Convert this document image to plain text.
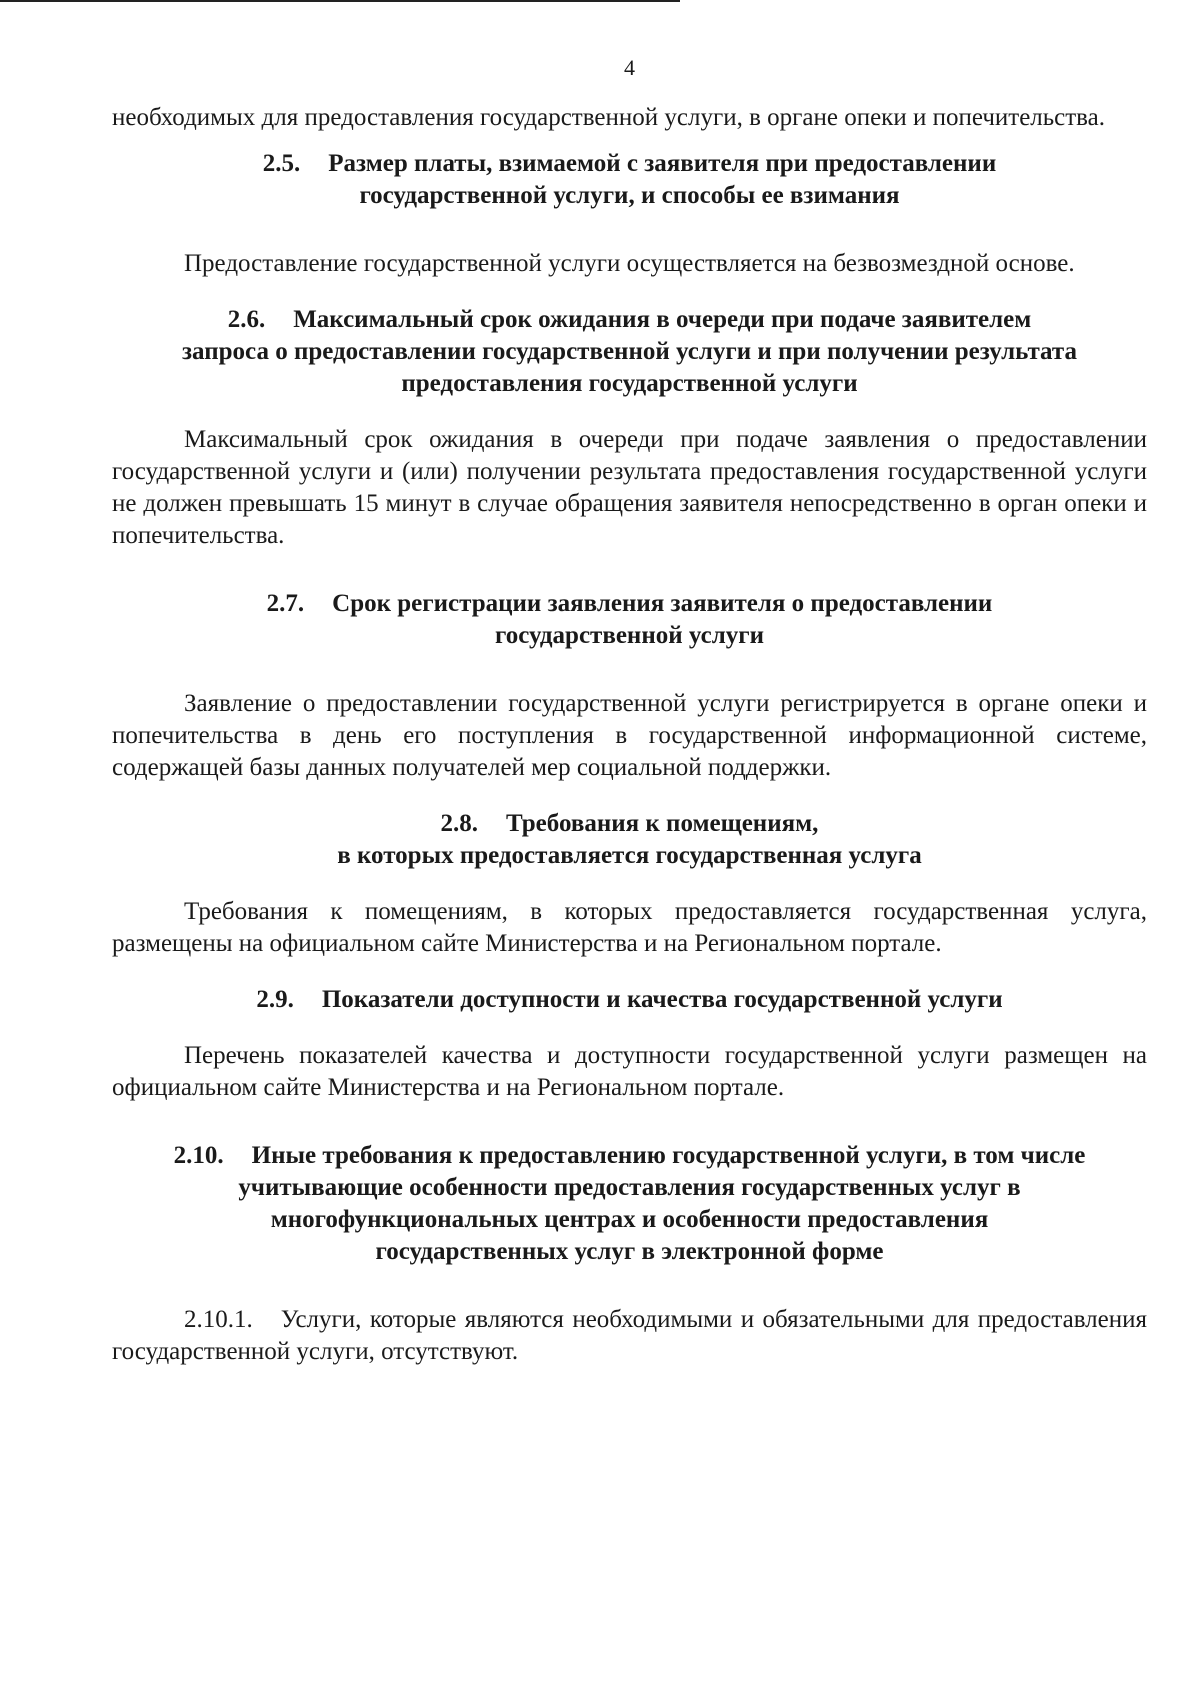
4

необходимых для предоставления государственной услуги, в органе опеки и попечительства.

2.5. Размер платы, взимаемой с заявителя при предоставлении
государственной услуги, и способы ее взимания

Предоставление государственной услуги осуществляется на безвозмездной основе.

2.6. Максимальный срок ожидания в очереди при подаче заявителем
запроса о предоставлении государственной услуги и при получении результата
предоставления государственной услуги

Максимальный срок ожидания в очереди при подаче заявления о предоставлении государственной услуги и (или) получении результата предоставления государственной услуги не должен превышать 15 минут в случае обращения заявителя непосредственно в орган опеки и попечительства.

2.7. Срок регистрации заявления заявителя о предоставлении
государственной услуги

Заявление о предоставлении государственной услуги регистрируется в органе опеки и попечительства в день его поступления в государственной информационной системе, содержащей базы данных получателей мер социальной поддержки.

2.8. Требования к помещениям,
в которых предоставляется государственная услуга

Требования к помещениям, в которых предоставляется государственная услуга, размещены на официальном сайте Министерства и на Региональном портале.

2.9. Показатели доступности и качества государственной услуги

Перечень показателей качества и доступности государственной услуги размещен на официальном сайте Министерства и на Региональном портале.

2.10. Иные требования к предоставлению государственной услуги, в том числе
учитывающие особенности предоставления государственных услуг в
многофункциональных центрах и особенности предоставления
государственных услуг в электронной форме

2.10.1. Услуги, которые являются необходимыми и обязательными для предоставления государственной услуги, отсутствуют.
